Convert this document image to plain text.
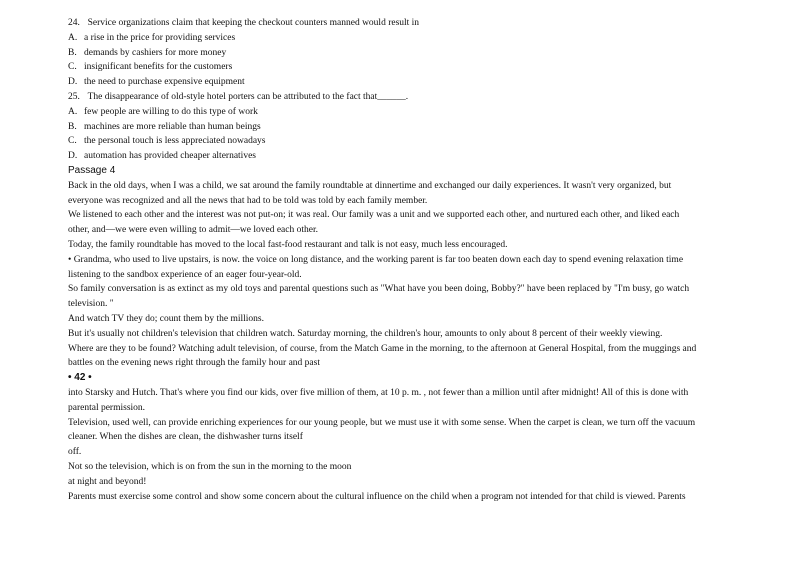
24. Service organizations claim that keeping the checkout counters manned would result in
A. a rise in the price for providing services
B. demands by cashiers for more money
C. insignificant benefits for the customers
D. the need to purchase expensive equipment
25. The disappearance of old-style hotel porters can be attributed to the fact that______.
A. few people are willing to do this type of work
B. machines are more reliable than human beings
C. the personal touch is less appreciated nowadays
D. automation has provided cheaper alternatives
Passage 4
Back in the old days, when I was a child, we sat around the family roundtable at dinnertime and exchanged our daily experiences. It wasn't very organized, but
everyone was recognized and all the news that had to be told was told by each family member.
We listened to each other and the interest was not put-on; it was real. Our family was a unit and we supported each other, and nurtured each other, and liked each
other, and—we were even willing to admit—we loved each other.
Today, the family roundtable has moved to the local fast-food restaurant and talk is not easy, much less encouraged.
• Grandma, who used to live upstairs, is now. the voice on long distance, and the working parent is far too beaten down each day to spend evening relaxation time
listening to the sandbox experience of an eager four-year-old.
So family conversation is as extinct as my old toys and parental questions such as "What have you been doing, Bobby?" have been replaced by "I'm busy, go watch
television. "
And watch TV they do; count them by the millions.
But it's usually not children's television that children watch. Saturday morning, the children's hour, amounts to only about 8 percent of their weekly viewing.
Where are they to be found? Watching adult television, of course, from the Match Game in the morning, to the afternoon at General Hospital, from the muggings and
battles on the evening news right through the family hour and past
• 42 •
into Starsky and Hutch. That's where you find our kids, over five million of them, at 10 p. m. , not fewer than a million until after midnight! All of this is done with
parental permission.
Television, used well, can provide enriching experiences for our young people, but we must use it with some sense. When the carpet is clean, we turn off the vacuum
cleaner. When the dishes are clean, the dishwasher turns itself
off.
Not so the television, which is on from the sun in the morning to the moon
at night and beyond!
Parents must exercise some control and show some concern about the cultural influence on the child when a program not intended for that child is viewed. Parents
